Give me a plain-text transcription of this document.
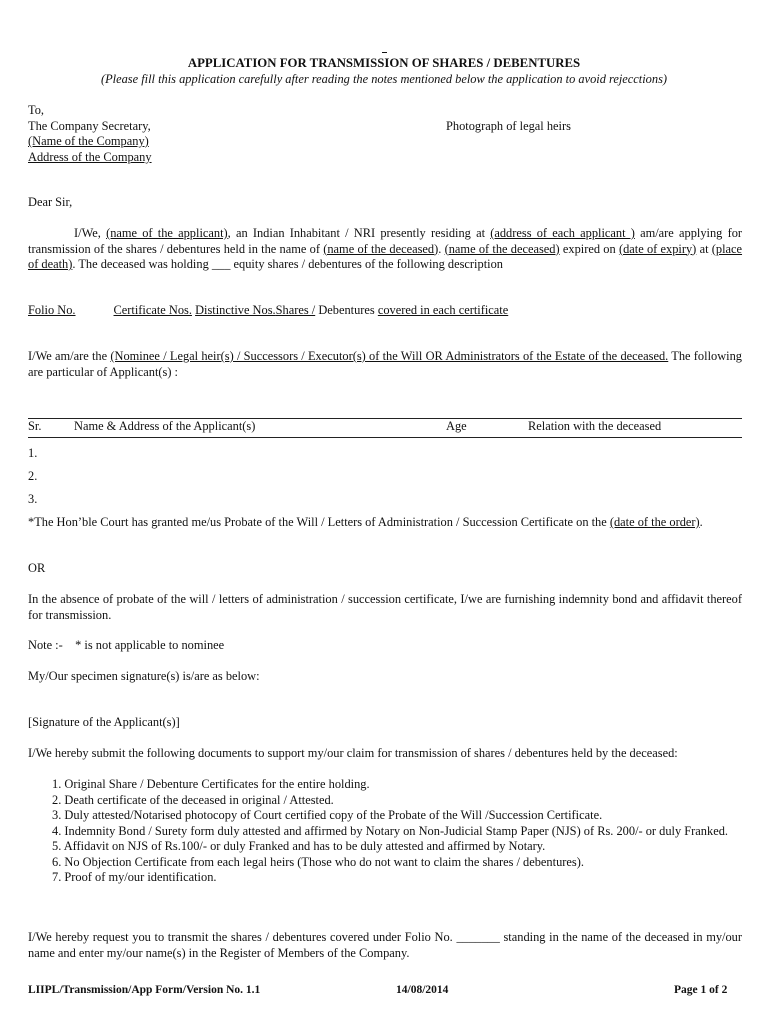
APPLICATION FOR TRANSMISSION OF SHARES / DEBENTURES
(Please fill this application carefully after reading the notes mentioned below the application to avoid rejecctions)
To,
The Company Secretary,
(Name of the Company)
Address of the Company
Photograph of legal heirs
Dear Sir,
I/We, (name of the applicant), an Indian Inhabitant / NRI presently residing at (address of each applicant ) am/are applying for transmission of the shares / debentures held in the name of (name of the deceased). (name of the deceased) expired on (date of expiry) at (place of death). The deceased was holding ___ equity shares / debentures of the following description
Folio No.	Certificate Nos. Distinctive Nos.Shares / Debentures covered in each certificate
I/We am/are the (Nominee / Legal heir(s) / Successors / Executor(s) of the Will OR Administrators of the Estate of the deceased. The following are particular of Applicant(s) :
Sr.	Name & Address of the Applicant(s)	Age	Relation with the deceased
1.
2.
3.
*The Hon’ble Court has granted me/us Probate of the Will / Letters of Administration / Succession Certificate on the (date of the order).
OR
In the absence of probate of the will / letters of administration / succession certificate, I/we are furnishing indemnity bond and affidavit thereof for transmission.
Note :-    * is not applicable to nominee
My/Our specimen signature(s) is/are as below:
[Signature of the Applicant(s)]
I/We hereby submit the following documents to support my/our claim for transmission of shares / debentures held by the deceased:
1. Original Share / Debenture Certificates for the entire holding.
2. Death certificate of the deceased in original / Attested.
3. Duly attested/Notarised photocopy of Court certified copy of the Probate of the Will /Succession Certificate.
4. Indemnity Bond / Surety form duly attested and affirmed by Notary on Non-Judicial Stamp Paper (NJS) of Rs. 200/- or duly Franked.
5. Affidavit on NJS of Rs.100/- or duly Franked and has to be duly attested and affirmed by Notary.
6. No Objection Certificate from each legal heirs (Those who do not want to claim the shares / debentures).
7. Proof of my/our identification.
I/We hereby request you to transmit the shares / debentures covered under Folio No. _______ standing in the name of the deceased in my/our name and enter my/our name(s) in the Register of Members of the Company.
LIIPL/Transmission/App Form/Version No. 1.1	14/08/2014	Page 1 of 2
